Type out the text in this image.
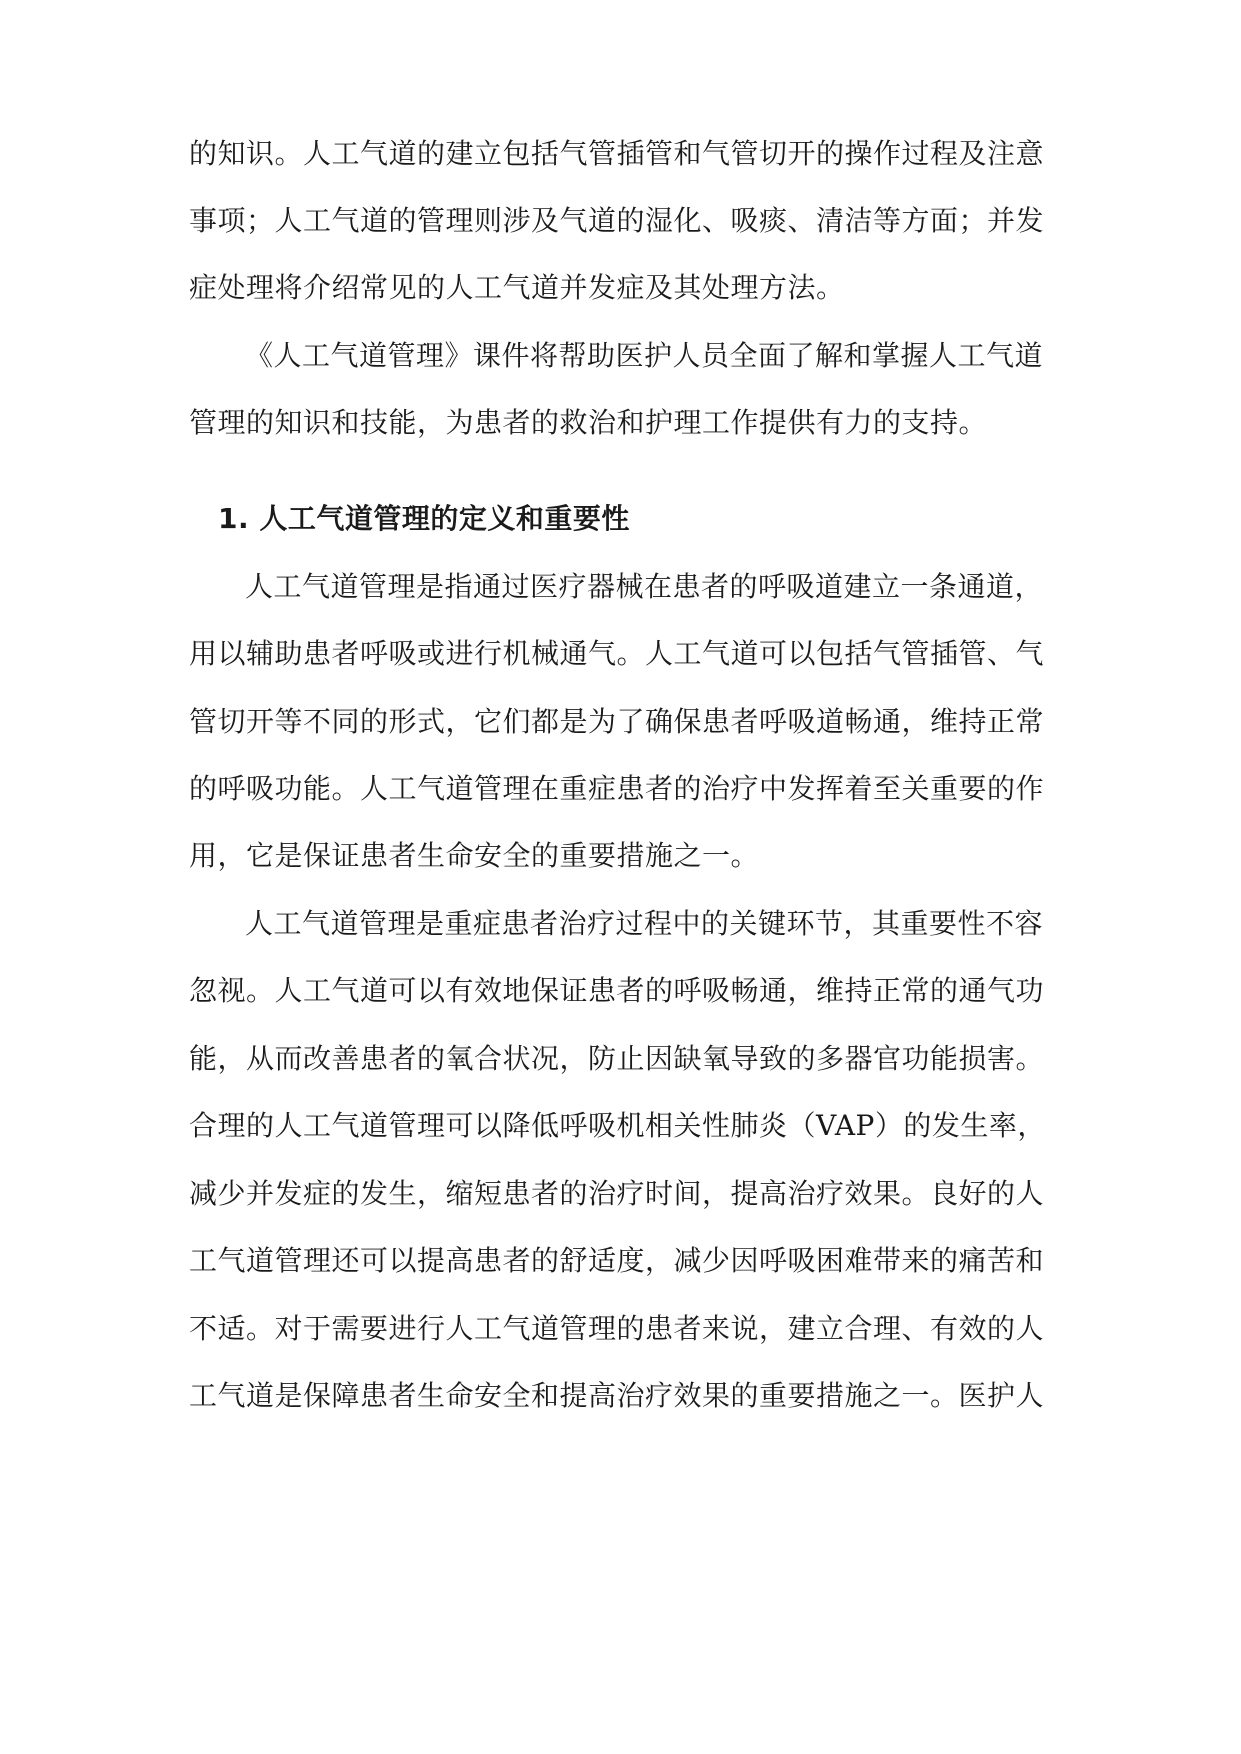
的知识。人工气道的建立包括气管插管和气管切开的操作过程及注意
事项；人工气道的管理则涉及气道的湿化、吸痰、清洁等方面；并发
症处理将介绍常见的人工气道并发症及其处理方法。
《人工气道管理》课件将帮助医护人员全面了解和掌握人工气道
管理的知识和技能，为患者的救治和护理工作提供有力的支持。
1. 人工气道管理的定义和重要性
人工气道管理是指通过医疗器械在患者的呼吸道建立一条通道，
用以辅助患者呼吸或进行机械通气。人工气道可以包括气管插管、气
管切开等不同的形式，它们都是为了确保患者呼吸道畅通，维持正常
的呼吸功能。人工气道管理在重症患者的治疗中发挥着至关重要的作
用，它是保证患者生命安全的重要措施之一。
人工气道管理是重症患者治疗过程中的关键环节，其重要性不容
忽视。人工气道可以有效地保证患者的呼吸畅通，维持正常的通气功
能，从而改善患者的氧合状况，防止因缺氧导致的多器官功能损害。
合理的人工气道管理可以降低呼吸机相关性肺炎（VAP）的发生率，
减少并发症的发生，缩短患者的治疗时间，提高治疗效果。良好的人
工气道管理还可以提高患者的舒适度，减少因呼吸困难带来的痛苦和
不适。对于需要进行人工气道管理的患者来说，建立合理、有效的人
工气道是保障患者生命安全和提高治疗效果的重要措施之一。医护人
